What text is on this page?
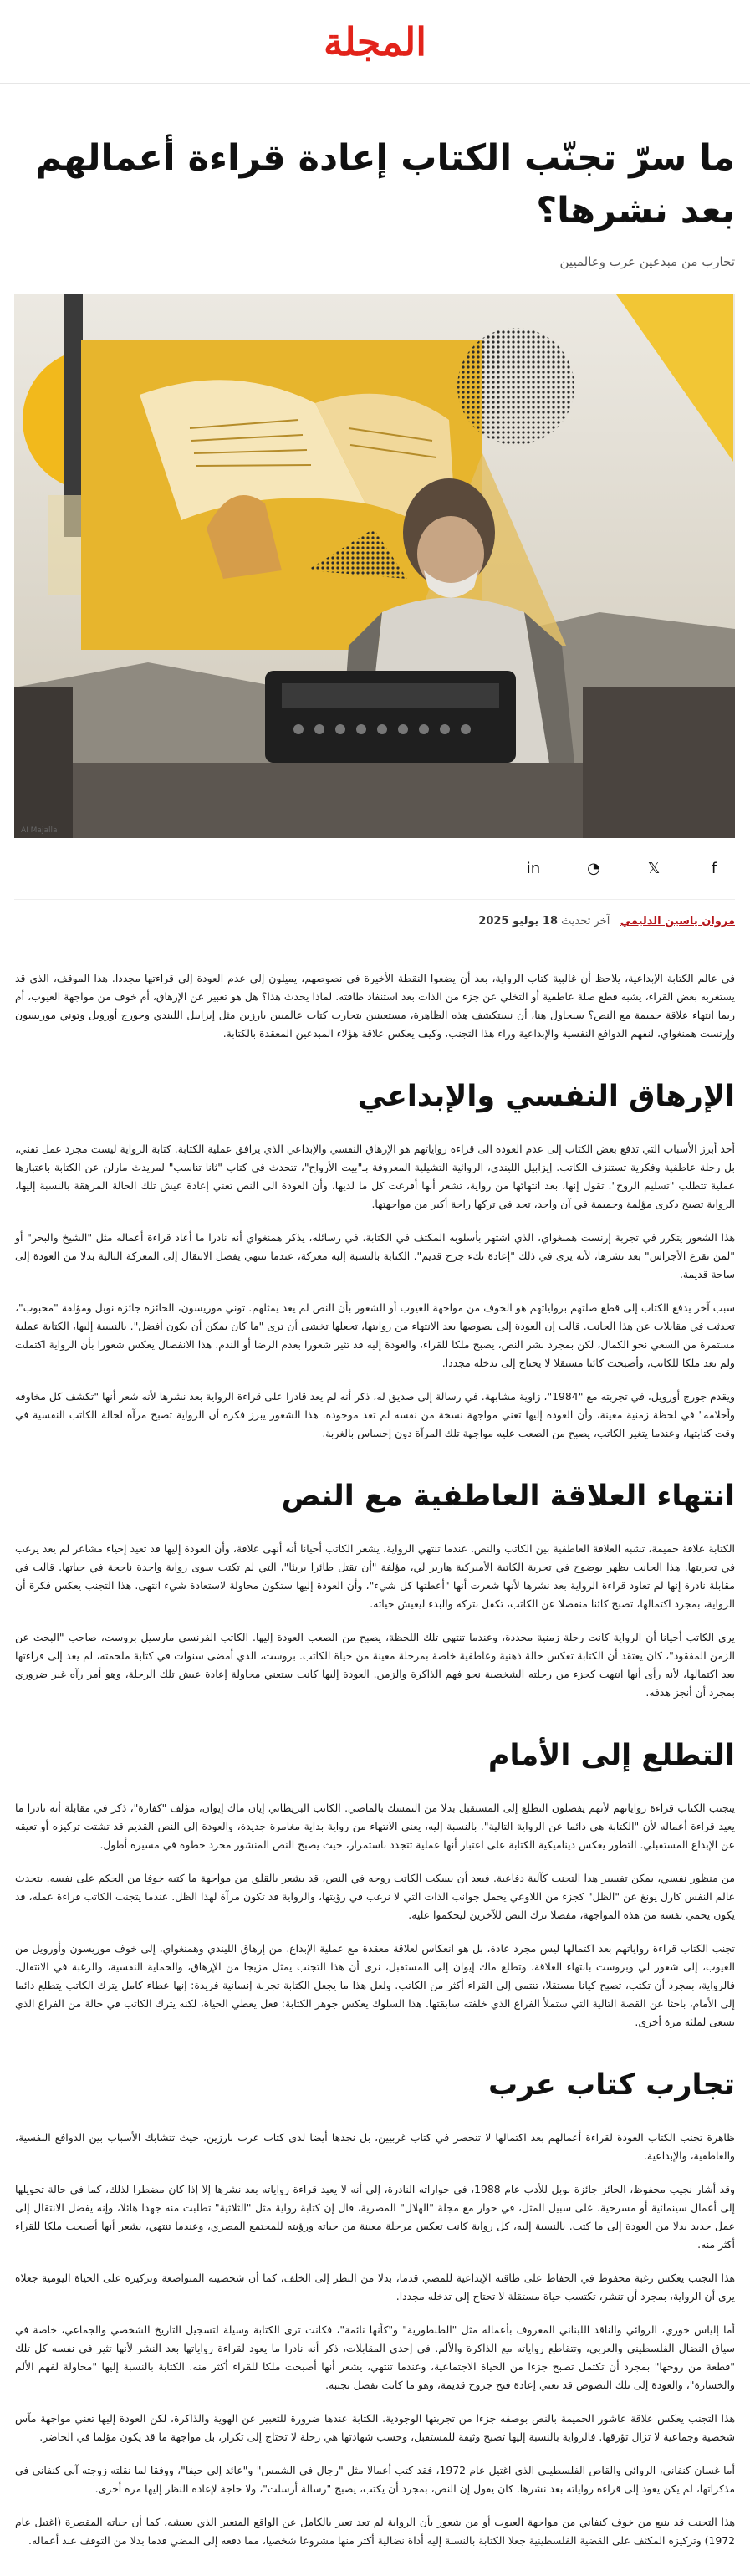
المجلة
ما سرّ تجنّب الكتاب إعادة قراءة أعمالهم بعد نشرها؟
تجارب من مبدعين عرب وعالميين
AI Majalla
f
𝕏
◔
in
مروان ياسين الدليمي   آخر تحديث 18 يوليو 2025

في عالم الكتابة الإبداعية، يلاحظ أن غالبية كتاب الرواية، بعد أن يضعوا النقطة الأخيرة في نصوصهم، يميلون إلى عدم العودة إلى قراءتها مجددا. هذا الموقف، الذي قد يستغربه بعض القراء، يشبه قطع صلة عاطفية أو التخلي عن جزء من الذات بعد استنفاد طاقته. لماذا يحدث هذا؟ هل هو تعبير عن الإرهاق، أم خوف من مواجهة العيوب، أم ربما انتهاء علاقة حميمة مع النص؟ سنحاول هنا، أن نستكشف هذه الظاهرة، مستعينين بتجارب كتاب عالميين بارزين مثل إيزابيل الليندي وجورج أورويل وتوني موريسون وإرنست همنغواي، لنفهم الدوافع النفسية والإبداعية وراء هذا التجنب، وكيف يعكس علاقة هؤلاء المبدعين المعقدة بالكتابة.

الإرهاق النفسي والإبداعي

أحد أبرز الأسباب التي تدفع بعض الكتاب إلى عدم العودة الى قراءة رواياتهم هو الإرهاق النفسي والإبداعي الذي يرافق عملية الكتابة. كتابة الرواية ليست مجرد عمل تقني، بل رحلة عاطفية وفكرية تستنزف الكاتب. إيزابيل الليندي، الروائية التشيلية المعروفة بـ"بيت الأرواح"، تتحدث في كتاب "ثانا تناسب" لمريدث مارلن عن الكتابة باعتبارها عملية تتطلب "تسليم الروح". تقول إنها، بعد انتهائها من رواية، تشعر أنها أفرغت كل ما لديها، وأن العودة الى النص تعني إعادة عيش تلك الحالة المرهقة بالنسبة إليها، الرواية تصبح ذكرى مؤلمة وحميمة في آن واحد، تجد في تركها راحة أكبر من مواجهتها.

هذا الشعور يتكرر في تجربة إرنست همنغواي، الذي اشتهر بأسلوبه المكثف في الكتابة. في رسائله، يذكر همنغواي أنه نادرا ما أعاد قراءة أعماله مثل "الشيخ والبحر" أو "لمن تقرع الأجراس" بعد نشرها، لأنه يرى في ذلك "إعادة نكء جرح قديم". الكتابة بالنسبة إليه معركة، عندما تنتهي يفضل الانتقال إلى المعركة التالية بدلا من العودة إلى ساحة قديمة.

سبب آخر يدفع الكتاب إلى قطع صلتهم برواياتهم هو الخوف من مواجهة العيوب أو الشعور بأن النص لم يعد يمثلهم. توني موريسون، الحائزة جائزة نوبل ومؤلفة "محبوب"، تحدثت في مقابلات عن هذا الجانب. قالت إن العودة إلى نصوصها بعد الانتهاء من روايتها، تجعلها تخشى أن ترى "ما كان يمكن أن يكون أفضل". بالنسبة إليها، الكتابة عملية مستمرة من السعي نحو الكمال، لكن بمجرد نشر النص، يصبح ملكا للقراء، والعودة إليه قد تثير شعورا بعدم الرضا أو الندم. هذا الانفصال يعكس شعورا بأن الرواية اكتملت ولم تعد ملكا للكاتب، وأصبحت كائنا مستقلا لا يحتاج إلى تدخله مجددا.

ويقدم جورج أورويل، في تجربته مع "1984"، زاوية مشابهة. في رسالة إلى صديق له، ذكر أنه لم يعد قادرا على قراءة الرواية بعد نشرها لأنه شعر أنها "تكشف كل مخاوفه وأحلامه" في لحظة زمنية معينة، وأن العودة إليها تعني مواجهة نسخة من نفسه لم تعد موجودة. هذا الشعور يبرز فكرة أن الرواية تصبح مرآة لحالة الكاتب النفسية في وقت كتابتها، وعندما يتغير الكاتب، يصبح من الصعب عليه مواجهة تلك المرآة دون إحساس بالغربة.

انتهاء العلاقة العاطفية مع النص

الكتابة علاقة حميمة، تشبه العلاقة العاطفية بين الكاتب والنص. عندما تنتهي الرواية، يشعر الكاتب أحيانا أنه أنهى علاقة، وأن العودة إليها قد تعيد إحياء مشاعر لم يعد يرغب في تجربتها. هذا الجانب يظهر بوضوح في تجربة الكاتبة الأميركية هاربر لي، مؤلفة "أن تقتل طائرا بريئا"، التي لم تكتب سوى رواية واحدة ناجحة في حياتها. قالت في مقابلة نادرة إنها لم تعاود قراءة الرواية بعد نشرها لأنها شعرت أنها "أعطتها كل شيء"، وأن العودة إليها ستكون محاولة لاستعادة شيء انتهى. هذا التجنب يعكس فكرة أن الرواية، بمجرد اكتمالها، تصبح كائنا منفصلا عن الكاتب، تكفل بتركه والبدء ليعيش حياته.

يرى الكاتب أحيانا أن الرواية كانت رحلة زمنية محددة، وعندما تنتهي تلك اللحظة، يصبح من الصعب العودة إليها. الكاتب الفرنسي مارسيل بروست، صاحب "البحث عن الزمن المفقود"، كان يعتقد أن الكتابة تعكس حالة ذهنية وعاطفية خاصة بمرحلة معينة من حياة الكاتب. بروست، الذي أمضى سنوات في كتابة ملحمته، لم يعد إلى قراءتها بعد اكتمالها، لأنه رأى أنها انتهت كجزء من رحلته الشخصية نحو فهم الذاكرة والزمن. العودة إليها كانت ستعني محاولة إعادة عيش تلك الرحلة، وهو أمر رآه غير ضروري بمجرد أن أنجز هدفه.

التطلع إلى الأمام

يتجنب الكتاب قراءة رواياتهم لأنهم يفضلون التطلع إلى المستقبل بدلا من التمسك بالماضي. الكاتب البريطاني إيان ماك إيوان، مؤلف "كفارة"، ذكر في مقابلة أنه نادرا ما يعيد قراءة أعماله لأن "الكتابة هي دائما عن الرواية التالية". بالنسبة إليه، يعني الانتهاء من رواية بداية مغامرة جديدة، والعودة إلى النص القديم قد تشتت تركيزه أو تعيقه عن الإبداع المستقبلي. التطور يعكس ديناميكية الكتابة على اعتبار أنها عملية تتجدد باستمرار، حيث يصبح النص المنشور مجرد خطوة في مسيرة أطول.

من منظور نفسي، يمكن تفسير هذا التجنب كآلية دفاعية. فبعد أن يسكب الكاتب روحه في النص، قد يشعر بالقلق من مواجهة ما كتبه خوفا من الحكم على نفسه. يتحدث عالم النفس كارل يونغ عن "الظل" كجزء من اللاوعي يحمل جوانب الذات التي لا نرغب في رؤيتها، والرواية قد تكون مرآة لهذا الظل. عندما يتجنب الكاتب قراءة عمله، قد يكون يحمي نفسه من هذه المواجهة، مفضلا ترك النص للآخرين ليحكموا عليه.

تجنب الكتاب قراءة رواياتهم بعد اكتمالها ليس مجرد عادة، بل هو انعكاس لعلاقة معقدة مع عملية الإبداع. من إرهاق الليندي وهمنغواي، إلى خوف موريسون وأورويل من العيوب، إلى شعور لي وبروست بانتهاء العلاقة، وتطلع ماك إيوان إلى المستقبل، نرى أن هذا التجنب يمثل مزيجا من الإرهاق، والحماية النفسية، والرغبة في الانتقال. فالرواية، بمجرد أن تكتب، تصبح كيانا مستقلا، تنتمي إلى القراء أكثر من الكاتب. ولعل هذا ما يجعل الكتابة تجربة إنسانية فريدة: إنها عطاء كامل يترك الكاتب يتطلع دائما إلى الأمام، باحثا عن القصة التالية التي ستملأ الفراغ الذي خلفته سابقتها. هذا السلوك يعكس جوهر الكتابة: فعل يعطي الحياة، لكنه يترك الكاتب في حالة من الفراغ الذي يسعى لملئه مرة أخرى.

تجارب كتاب عرب

ظاهرة تجنب الكتاب العودة لقراءة أعمالهم بعد اكتمالها لا تنحصر في كتاب غربيين، بل نجدها أيضا لدى كتاب عرب بارزين، حيث تتشابك الأسباب بين الدوافع النفسية، والعاطفية، والإبداعية.

وقد أشار نجيب محفوظ، الحائز جائزة نوبل للأدب عام 1988، في حواراته النادرة، إلى أنه لا يعيد قراءة رواياته بعد نشرها إلا إذا كان مضطرا لذلك، كما في حالة تحويلها إلى أعمال سينمائية أو مسرحية. على سبيل المثل، في حوار مع مجلة "الهلال" المصرية، قال إن كتابة رواية مثل "الثلاثية" تطلبت منه جهدا هائلا، وإنه يفضل الانتقال إلى عمل جديد بدلا من العودة إلى ما كتب. بالنسبة إليه، كل رواية كانت تعكس مرحلة معينة من حياته ورؤيته للمجتمع المصري، وعندما تنتهي، يشعر أنها أصبحت ملكا للقراء أكثر منه.

هذا التجنب يعكس رغبة محفوظ في الحفاظ على طاقته الإبداعية للمضي قدما، بدلا من النظر إلى الخلف، كما أن شخصيته المتواضعة وتركيزه على الحياة اليومية جعلاه يرى أن الرواية، بمجرد أن تنشر، تكتسب حياة مستقلة لا تحتاج إلى تدخله مجددا.

أما إلياس خوري، الروائي والناقد اللبناني المعروف بأعماله مثل "الطنطورية" و"كأنها نائمة"، فكانت ترى الكتابة وسيلة لتسجيل التاريخ الشخصي والجماعي، خاصة في سياق النضال الفلسطيني والعربي، وتتقاطع رواياته مع الذاكرة والألم. في إحدى المقابلات، ذكر أنه نادرا ما يعود لقراءة رواياتها بعد النشر لأنها تثير في نفسه كل تلك "قطعة من روحها" بمجرد أن تكتمل تصبح جزءا من الحياة الاجتماعية، وعندما تنتهي، يشعر أنها أصبحت ملكا للقراء أكثر منه. الكتابة بالنسبة إليها "محاولة لفهم الألم والخسارة"، والعودة إلى تلك النصوص قد تعني إعادة فتح جروح قديمة، وهو ما كانت تفضل تجنبه.

هذا التجنب يعكس علاقة عاشور الحميمة بالنص بوصفه جزءا من تجربتها الوجودية. الكتابة عندها ضرورة للتعبير عن الهوية والذاكرة، لكن العودة إليها تعني مواجهة مآس شخصية وجماعية لا تزال تؤرقها. فالرواية بالنسبة إليها تصبح وثيقة للمستقبل، وحسب شهادتها هي رحلة لا تحتاج إلى تكرار، بل مواجهة ما قد يكون مؤلما في الحاضر.

أما غسان كنفاني، الروائي والقاص الفلسطيني الذي اغتيل عام 1972، فقد كتب أعمالا مثل "رجال في الشمس" و"عائد إلى حيفا"، ووفقا لما نقلته زوجته آني كنفاني في مذكراتها، لم يكن يعود إلى قراءة رواياته بعد نشرها. كان يقول إن النص، بمجرد أن يكتب، يصبح "رسالة أرسلت"، ولا حاجة لإعادة النظر إليها مرة أخرى.

هذا التجنب قد ينبع من خوف كنفاني من مواجهة العيوب أو من شعور بأن الرواية لم تعد تعبر بالكامل عن الواقع المتغير الذي يعيشه، كما أن حياته المقصرة (اغتيل عام 1972) وتركيزه المكثف على القضية الفلسطينية جعلا الكتابة بالنسبة إليه أداة نضالية أكثر منها مشروعا شخصيا، مما دفعه إلى المضي قدما بدلا من التوقف عند أعماله.
